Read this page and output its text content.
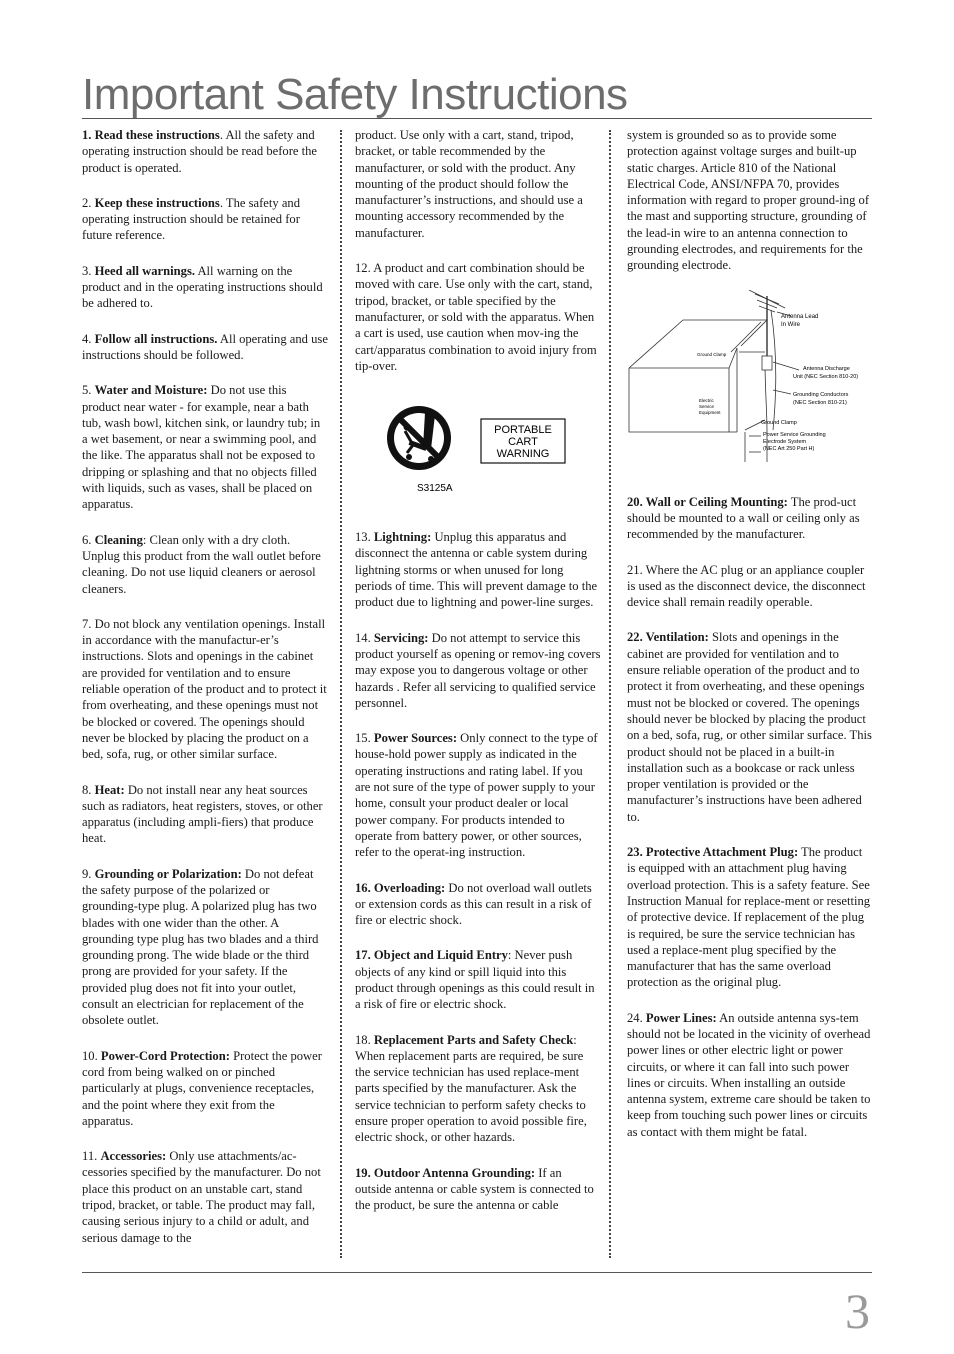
Important Safety Instructions

1. Read these instructions. All the safety and operating instruction should be read before the product is operated.

2. Keep these instructions. The safety and operating instruction should be retained for future reference.

3. Heed all warnings. All warning on the product and in the operating instructions should be adhered to.

4. Follow all instructions. All operating and use instructions should be followed.

5. Water and Moisture: Do not use this product near water - for example, near a bath tub, wash bowl, kitchen sink, or laundry tub; in a wet basement, or near a swimming pool, and the like. The apparatus shall not be exposed to dripping or splashing and that no objects filled with liquids, such as vases, shall be placed on apparatus.

6. Cleaning: Clean only with a dry cloth. Unplug this product from the wall outlet before cleaning. Do not use liquid cleaners or aerosol cleaners.

7. Do not block any ventilation openings. Install in accordance with the manufactur-er’s instructions. Slots and openings in the cabinet are provided for ventilation and to ensure reliable operation of the product and to protect it from overheating, and these openings must not be blocked or covered. The openings should never be blocked by placing the product on a bed, sofa, rug, or other similar surface.

8. Heat: Do not install near any heat sources such as radiators, heat registers, stoves, or other apparatus (including ampli-fiers) that produce heat.

9. Grounding or Polarization: Do not defeat the safety purpose of the polarized or grounding-type plug. A polarized plug has two blades with one wider than the other. A grounding type plug has two blades and a third grounding prong. The wide blade or the third prong are provided for your safety. If the provided plug does not fit into your outlet, consult an electrician for replacement of the obsolete outlet.

10. Power-Cord Protection: Protect the power cord from being walked on or pinched particularly at plugs, convenience receptacles, and the point where they exit from the apparatus.

11. Accessories: Only use attachments/ac-cessories specified by the manufacturer. Do not place this product on an unstable cart, stand tripod, bracket, or table. The product may fall, causing serious injury to a child or adult, and serious damage to the

product. Use only with a cart, stand, tripod, bracket, or table recommended by the manufacturer, or sold with the product. Any mounting of the product should follow the manufacturer’s instructions, and should use a mounting accessory recommended by the manufacturer.

12. A product and cart combination should be moved with care. Use only with the cart, stand, tripod, bracket, or table specified by the manufacturer, or sold with the apparatus. When a cart is used, use caution when mov-ing the cart/apparatus combination to avoid injury from tip-over.

PORTABLE
CART
WARNING
S3125A

13. Lightning: Unplug this apparatus and disconnect the antenna or cable system during lightning storms or when unused for long periods of time. This will prevent damage to the product due to lightning and power-line surges.

14. Servicing: Do not attempt to service this product yourself as opening or remov-ing covers may expose you to dangerous voltage or other hazards . Refer all servicing to qualified service personnel.

15. Power Sources: Only connect to the type of house-hold power supply as indicated in the operating instructions and rating label. If you are not sure of the type of power supply to your home, consult your product dealer or local power company. For products intended to operate from battery power, or other sources, refer to the operat-ing instruction.

16. Overloading: Do not overload wall outlets or extension cords as this can result in a risk of fire or electric shock.

17. Object and Liquid Entry: Never push objects of any kind or spill liquid into this product through openings as this could result in a risk of fire or electric shock.

18. Replacement Parts and Safety Check: When replacement parts are required, be sure the service technician has used replace-ment parts specified by the manufacturer. Ask the service technician to perform safety checks to ensure proper operation to avoid possible fire, electric shock, or other hazards.

19. Outdoor Antenna Grounding: If an outside antenna or cable system is connected to the product, be sure the antenna or cable

system is grounded so as to provide some protection against voltage surges and built-up static charges. Article 810 of the National Electrical Code, ANSI/NFPA 70, provides information with regard to proper ground-ing of the mast and supporting structure, grounding of the lead-in wire to an antenna connection to grounding electrodes, and requirements for the grounding electrode.

Antenna Lead
In Wire
Ground Clamp
Antenna Discharge
Unit (NEC Section 810-20)
Grounding Conductors
(NEC Section 810-21)
Electric
Service
Equipment
Ground Clamp
Power Service Grounding
Electrode System
(NEC Art 250 Part H)

20. Wall or Ceiling Mounting: The prod-uct should be mounted to a wall or ceiling only as recommended by the manufacturer.

21. Where the AC plug or an appliance coupler is used as the disconnect device, the disconnect device shall remain readily operable.

22. Ventilation: Slots and openings in the cabinet are provided for ventilation and to ensure reliable operation of the product and to protect it from overheating, and these openings must not be blocked or covered. The openings should never be blocked by placing the product on a bed, sofa, rug, or other similar surface. This product should not be placed in a built-in installation such as a bookcase or rack unless proper ventilation is provided or the manufacturer’s instructions have been adhered to.

23. Protective Attachment Plug: The product is equipped with an attachment plug having overload protection. This is a safety feature. See Instruction Manual for replace-ment or resetting of protective device. If replacement of the plug is required, be sure the service technician has used a replace-ment plug specified by the manufacturer that has the same overload protection as the original plug.

24. Power Lines: An outside antenna sys-tem should not be located in the vicinity of overhead power lines or other electric light or power circuits, or where it can fall into such power lines or circuits. When installing an outside antenna system, extreme care should be taken to keep from touching such power lines or circuits as contact with them might be fatal.

3
